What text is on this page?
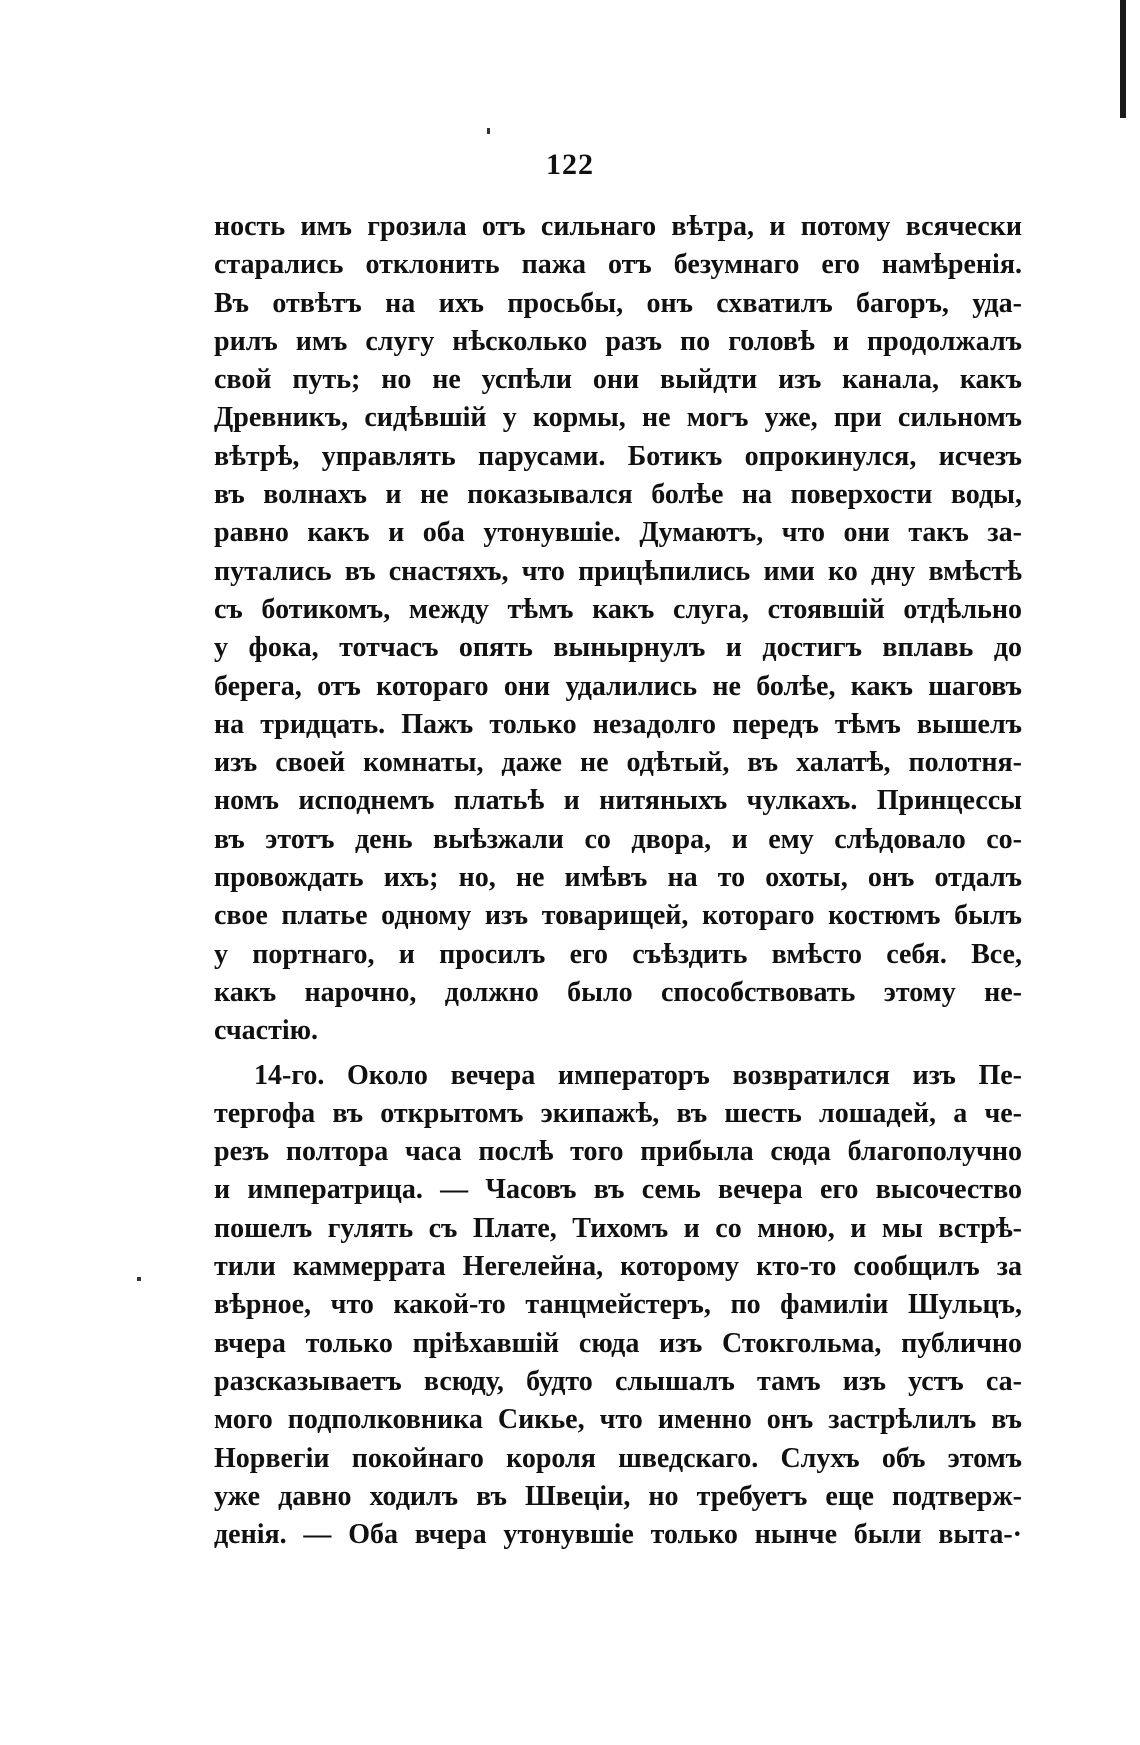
122
ность имъ грозила отъ сильнаго вѣтра, и потому всячески
старались отклонить пажа отъ безумнаго его намѣренія.
Въ отвѣтъ на ихъ просьбы, онъ схватилъ багоръ, уда-
рилъ имъ слугу нѣсколько разъ по головѣ и продолжалъ
свой путь; но не успѣли они выйдти изъ канала, какъ
Древникъ, сидѣвшій у кормы, не могъ уже, при сильномъ
вѣтрѣ, управлять парусами. Ботикъ опрокинулся, исчезъ
въ волнахъ и не показывался болѣе на поверхости воды,
равно какъ и оба утонувшіе. Думаютъ, что они такъ за-
путались въ снастяхъ, что прицѣпились ими ко дну вмѣстѣ
съ ботикомъ, между тѣмъ какъ слуга, стоявшій отдѣльно
у фока, тотчасъ опять вынырнулъ и достигъ вплавь до
берега, отъ котораго они удалились не болѣе, какъ шаговъ
на тридцать. Пажъ только незадолго передъ тѣмъ вышелъ
изъ своей комнаты, даже не одѣтый, въ халатѣ, полотня-
номъ исподнемъ платьѣ и нитяныхъ чулкахъ. Принцессы
въ этотъ день выѣзжали со двора, и ему слѣдовало со-
провождать ихъ; но, не имѣвъ на то охоты, онъ отдалъ
свое платье одному изъ товарищей, котораго костюмъ былъ
у портнаго, и просилъ его съѣздить вмѣсто себя. Все,
какъ нарочно, должно было способствовать этому не-
счастію.
14-го. Около вечера императоръ возвратился изъ Пе-
тергофа въ открытомъ экипажѣ, въ шесть лошадей, а че-
резъ полтора часа послѣ того прибыла сюда благополучно
и императрица. — Часовъ въ семь вечера его высочество
пошелъ гулять съ Плате, Тихомъ и со мною, и мы встрѣ-
тили каммеррата Негелейна, которому кто-то сообщилъ за
вѣрное, что какой-то танцмейстеръ, по фамиліи Шульцъ,
вчера только пріѣхавшій сюда изъ Стокгольма, публично
разсказываетъ всюду, будто слышалъ тамъ изъ устъ са-
мого подполковника Сикье, что именно онъ застрѣлилъ въ
Норвегіи покойнаго короля шведскаго. Слухъ объ этомъ
уже давно ходилъ въ Швеціи, но требуетъ еще подтверж-
денія. — Оба вчера утонувшіе только нынче были выта-·
